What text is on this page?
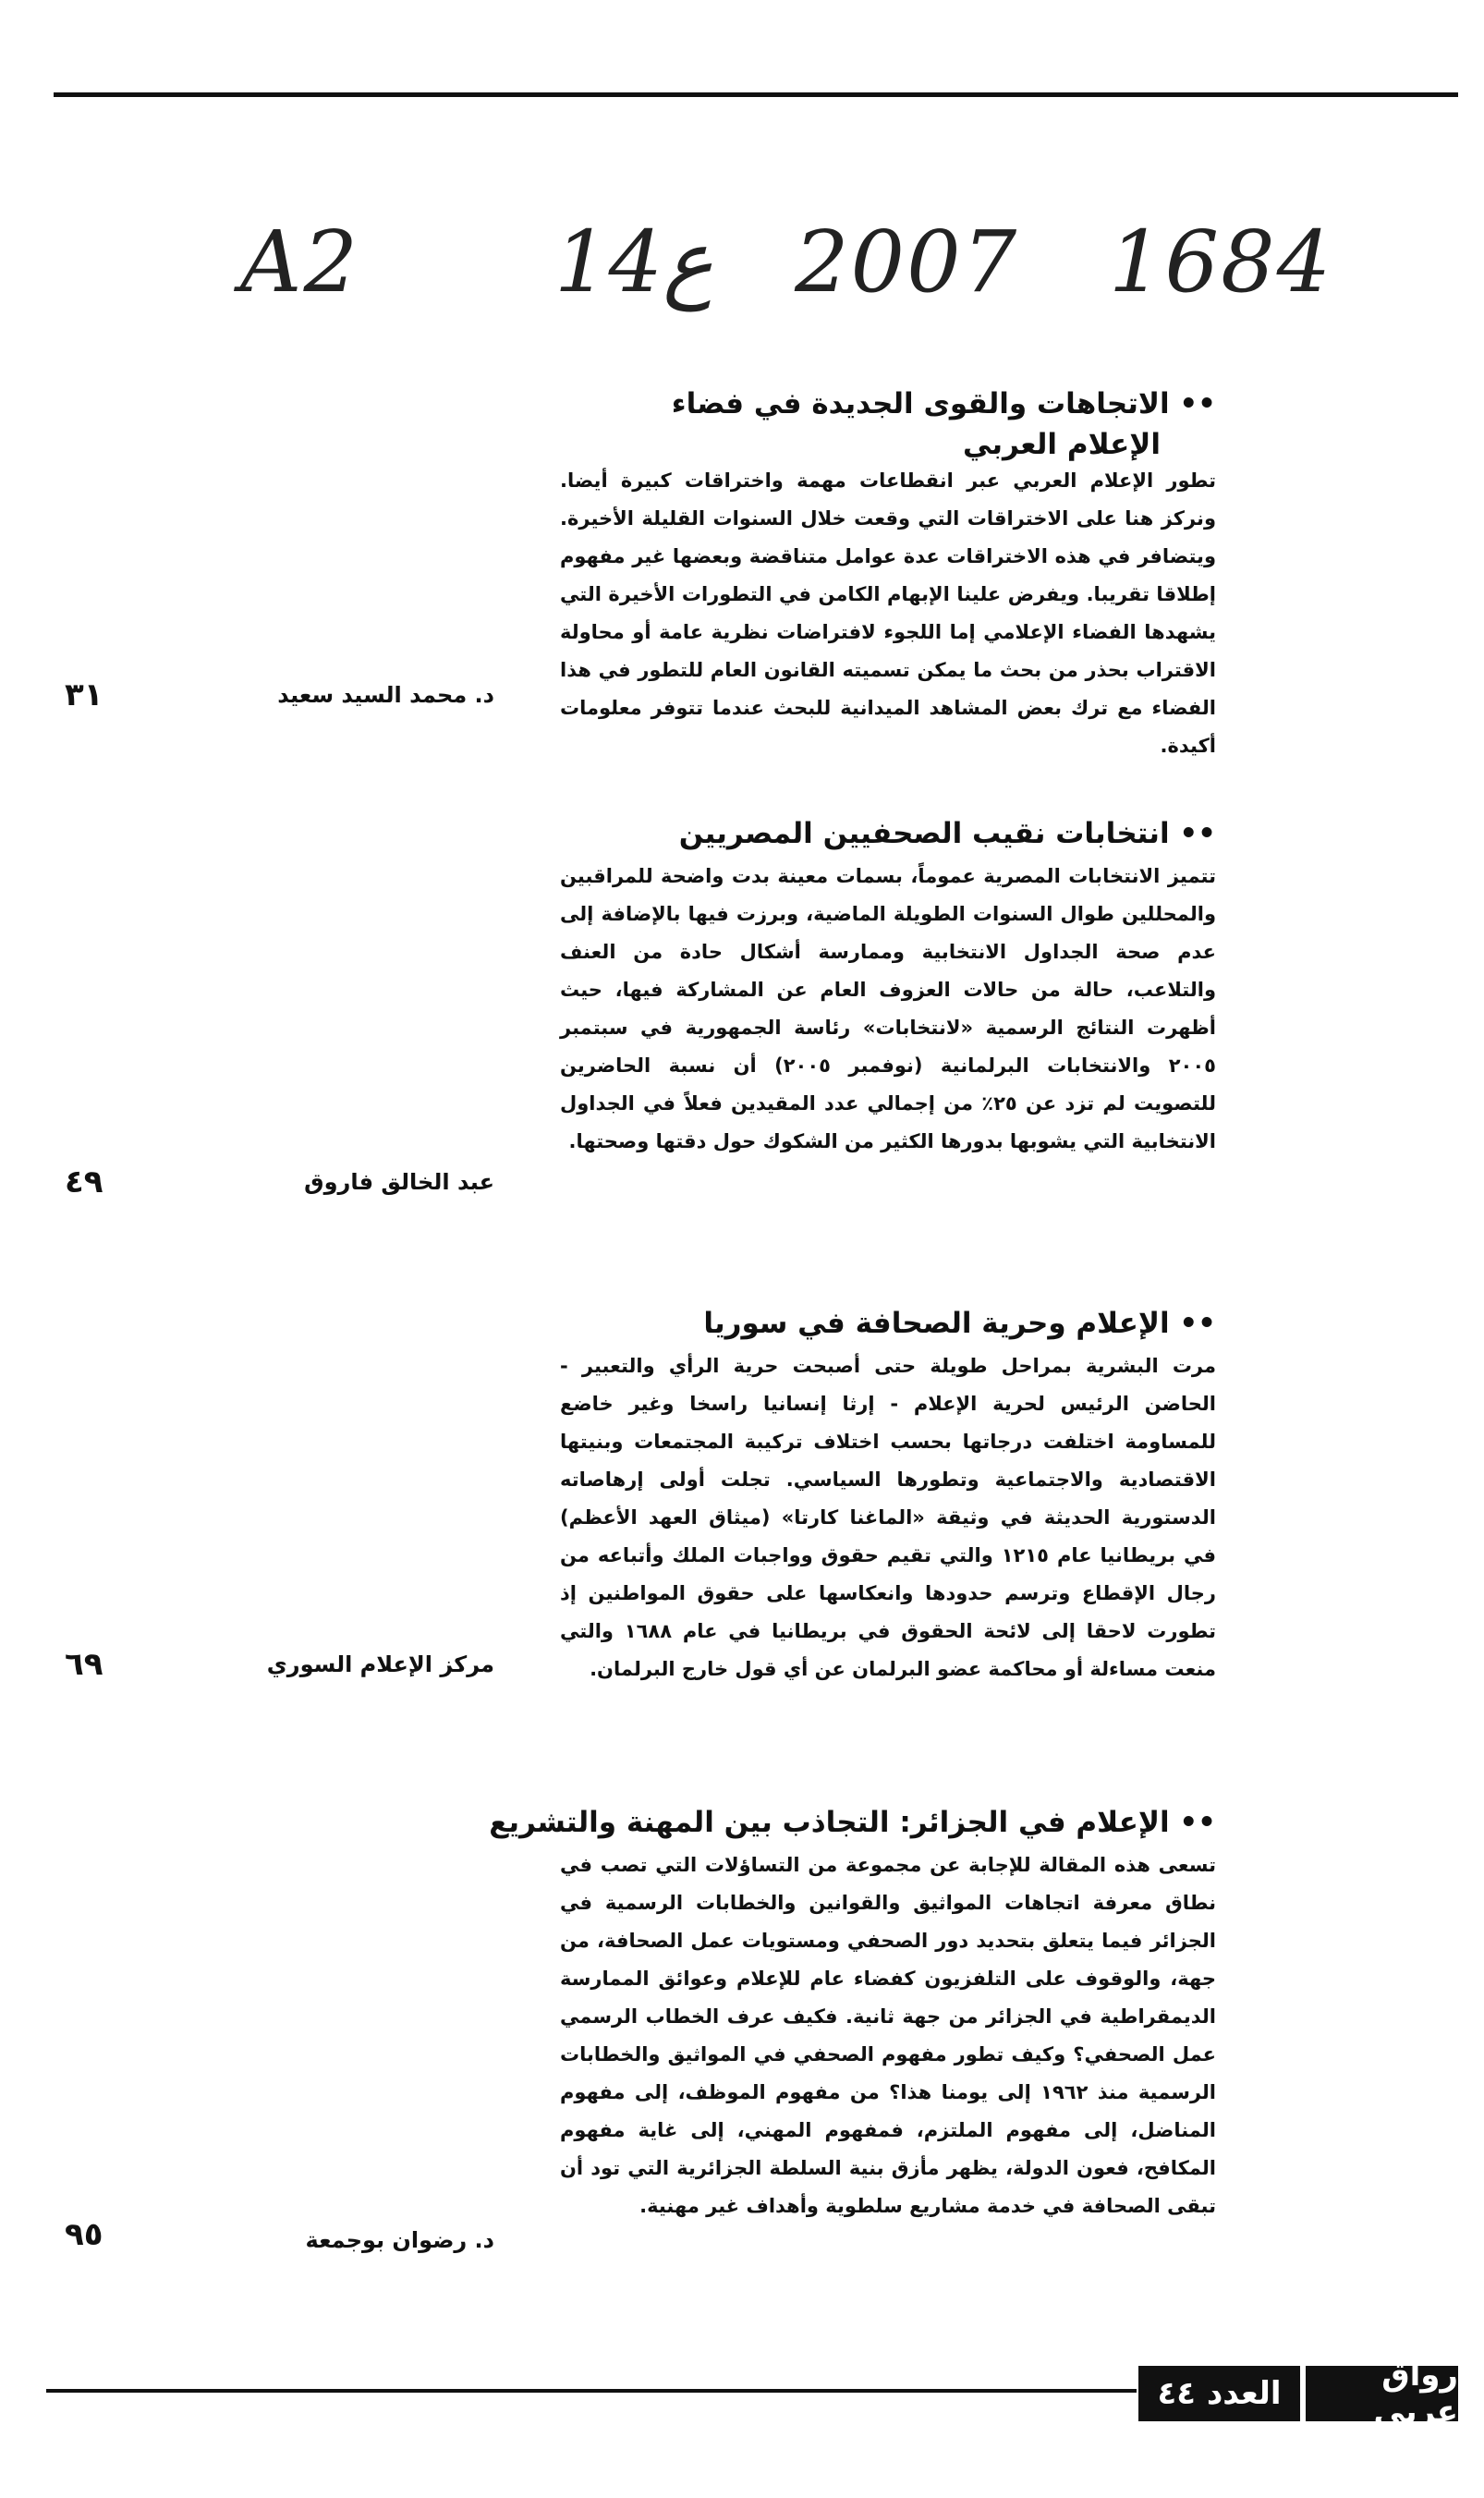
A2 14ع 2007 1684
•• الاتجاهات والقوى الجديدة في فضاء
الإعلام العربي

تطور الإعلام العربي عبر انقطاعات مهمة واختراقات كبيرة أيضا. ونركز هنا على الاختراقات التي وقعت خلال السنوات القليلة الأخيرة. ويتضافر في هذه الاختراقات عدة عوامل متناقضة وبعضها غير مفهوم إطلاقا تقريبا. ويفرض علينا الإبهام الكامن في التطورات الأخيرة التي يشهدها الفضاء الإعلامي إما اللجوء لافتراضات نظرية عامة أو محاولة الاقتراب بحذر من بحث ما يمكن تسميته القانون العام للتطور في هذا الفضاء مع ترك بعض المشاهد الميدانية للبحث عندما تتوفر معلومات أكيدة.

د. محمد السيد سعيد
٣١
•• انتخابات نقيب الصحفيين المصريين

تتميز الانتخابات المصرية عموماً، بسمات معينة بدت واضحة للمراقبين والمحللين طوال السنوات الطويلة الماضية، وبرزت فيها بالإضافة إلى عدم صحة الجداول الانتخابية وممارسة أشكال حادة من العنف والتلاعب، حالة من حالات العزوف العام عن المشاركة فيها، حيث أظهرت النتائج الرسمية «لانتخابات» رئاسة الجمهورية في سبتمبر ٢٠٠٥ والانتخابات البرلمانية (نوفمبر ٢٠٠٥) أن نسبة الحاضرين للتصويت لم تزد عن ٢٥٪ من إجمالي عدد المقيدين فعلاً في الجداول الانتخابية التي يشوبها بدورها الكثير من الشكوك حول دقتها وصحتها.

عبد الخالق فاروق
٤٩
•• الإعلام وحرية الصحافة في سوريا

مرت البشرية بمراحل طويلة حتى أصبحت حرية الرأي والتعبير - الحاضن الرئيس لحرية الإعلام - إرثا إنسانيا راسخا وغير خاضع للمساومة اختلفت درجاتها بحسب اختلاف تركيبة المجتمعات وبنيتها الاقتصادية والاجتماعية وتطورها السياسي. تجلت أولى إرهاصاته الدستورية الحديثة في وثيقة «الماغنا كارتا» (ميثاق العهد الأعظم) في بريطانيا عام ١٢١٥ والتي تقيم حقوق وواجبات الملك وأتباعه من رجال الإقطاع وترسم حدودها وانعكاسها على حقوق المواطنين إذ تطورت لاحقا إلى لائحة الحقوق في بريطانيا في عام ١٦٨٨ والتي منعت مساءلة أو محاكمة عضو البرلمان عن أي قول خارج البرلمان.

مركز الإعلام السوري
٦٩
•• الإعلام في الجزائر: التجاذب بين المهنة والتشريع

تسعى هذه المقالة للإجابة عن مجموعة من التساؤلات التي تصب في نطاق معرفة اتجاهات المواثيق والقوانين والخطابات الرسمية في الجزائر فيما يتعلق بتحديد دور الصحفي ومستويات عمل الصحافة، من جهة، والوقوف على التلفزيون كفضاء عام للإعلام وعوائق الممارسة الديمقراطية في الجزائر من جهة ثانية. فكيف عرف الخطاب الرسمي عمل الصحفي؟ وكيف تطور مفهوم الصحفي في المواثيق والخطابات الرسمية منذ ١٩٦٢ إلى يومنا هذا؟ من مفهوم الموظف، إلى مفهوم المناضل، إلى مفهوم الملتزم، فمفهوم المهني، إلى غاية مفهوم المكافح، فعون الدولة، يظهر مأزق بنية السلطة الجزائرية التي تود أن تبقى الصحافة في خدمة مشاريع سلطوية وأهداف غير مهنية.

د. رضوان بوجمعة
٩٥
العدد ٤٤	رواق عربي
